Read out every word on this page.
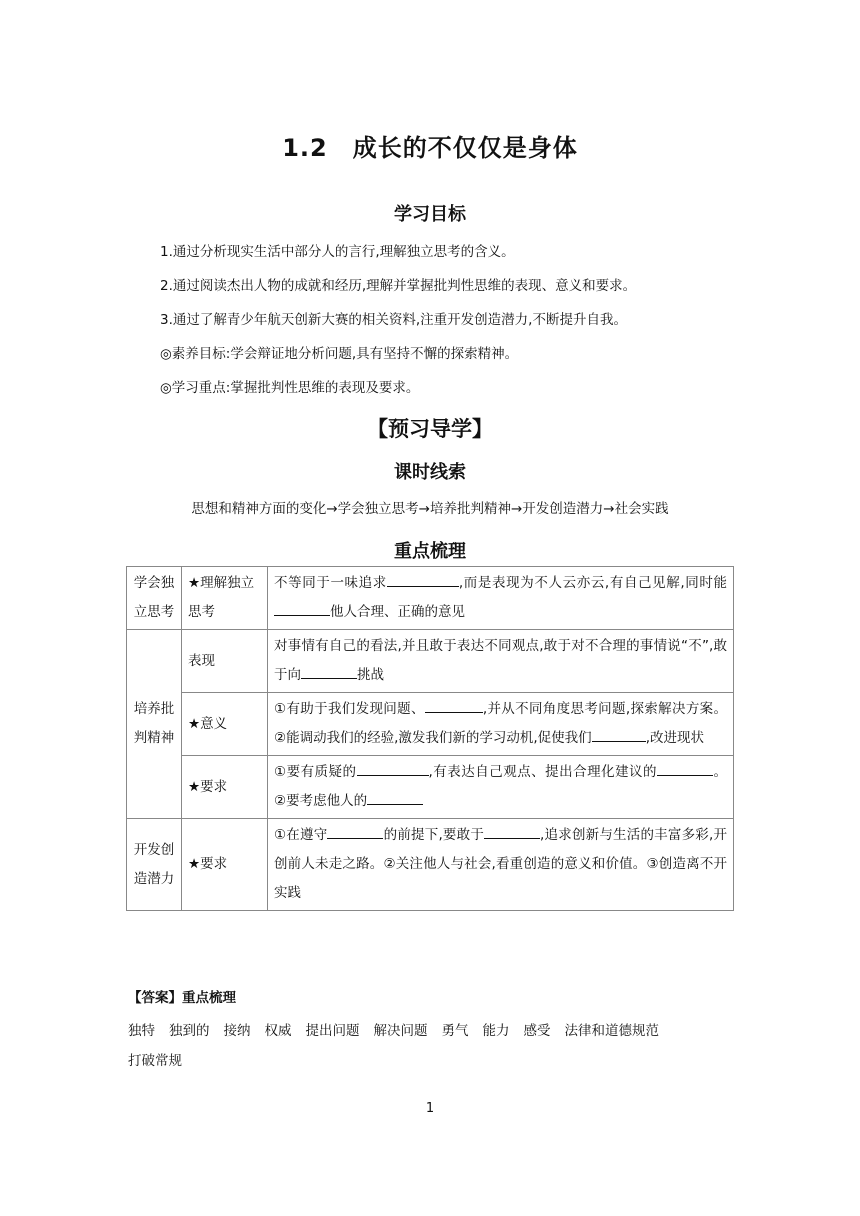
1.2　成长的不仅仅是身体
学习目标
1.通过分析现实生活中部分人的言行,理解独立思考的含义。
2.通过阅读杰出人物的成就和经历,理解并掌握批判性思维的表现、意义和要求。
3.通过了解青少年航天创新大赛的相关资料,注重开发创造潜力,不断提升自我。
◎素养目标:学会辩证地分析问题,具有坚持不懈的探索精神。
◎学习重点:掌握批判性思维的表现及要求。
【预习导学】
课时线索
思想和精神方面的变化→学会独立思考→培养批判精神→开发创造潜力→社会实践
重点梳理
学会独立思考	★理解独立思考	不等同于一味追求 ,而是表现为不人云亦云,有自己见解,同时能他人合理、正确的意见
培养批判精神	表现	对事情有自己的看法,并且敢于表达不同观点,敢于对不合理的事情说“不”,敢于向 挑战
	★意义	①有助于我们发现问题、 ,并从不同角度思考问题,探索解决方案。②能调动我们的经验,激发我们新的学习动机,促使我们 ,改进现状
	★要求	①要有质疑的 ,有表达自己观点、提出合理化建议的 。②要考虑他人的
开发创造潜力	★要求	①在遵守 的前提下,要敢于 ,追求创新与生活的丰富多彩,开创前人未走之路。②关注他人与社会,看重创造的意义和价值。③创造离不开实践
【答案】重点梳理
独特 独到的 接纳 权威 提出问题 解决问题 勇气 能力 感受 法律和道德规范
打破常规
1
